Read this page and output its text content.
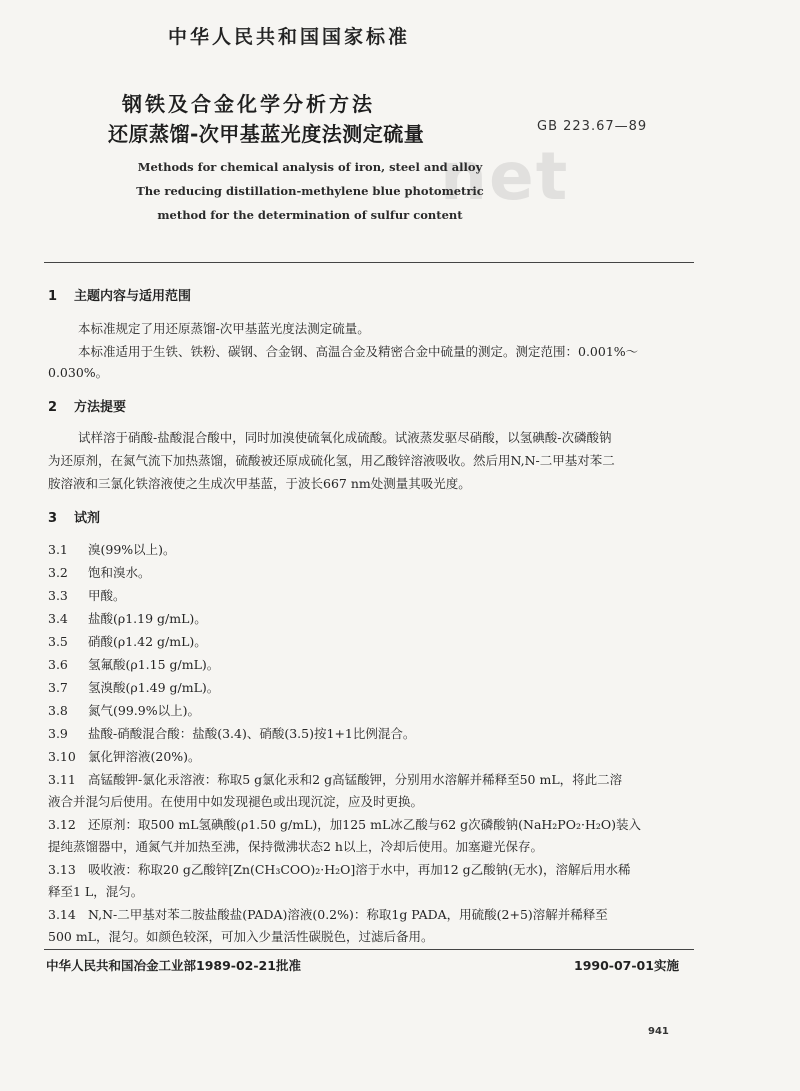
中华人民共和国国家标准
net
钢铁及合金化学分析方法
还原蒸馏-次甲基蓝光度法测定硫量	GB 223.67—89
Methods for chemical analysis of iron, steel and alloy
The reducing distillation-methylene blue photometric
method for the determination of sulfur content
1 主题内容与适用范围
本标准规定了用还原蒸馏-次甲基蓝光度法测定硫量。
本标准适用于生铁、铁粉、碳钢、合金钢、高温合金及精密合金中硫量的测定。测定范围：0.001%～
0.030%。
2 方法提要
试样溶于硝酸-盐酸混合酸中，同时加溴使硫氧化成硫酸。试液蒸发驱尽硝酸，以氢碘酸-次磷酸钠
为还原剂，在氮气流下加热蒸馏，硫酸被还原成硫化氢，用乙酸锌溶液吸收。然后用N,N-二甲基对苯二
胺溶液和三氯化铁溶液使之生成次甲基蓝，于波长667 nm处测量其吸光度。
3 试剂
3.1 溴(99%以上)。
3.2 饱和溴水。
3.3 甲酸。
3.4 盐酸(ρ1.19 g/mL)。
3.5 硝酸(ρ1.42 g/mL)。
3.6 氢氟酸(ρ1.15 g/mL)。
3.7 氢溴酸(ρ1.49 g/mL)。
3.8 氮气(99.9%以上)。
3.9 盐酸-硝酸混合酸：盐酸(3.4)、硝酸(3.5)按1+1比例混合。
3.10 氯化钾溶液(20%)。
3.11 高锰酸钾-氯化汞溶液：称取5 g氯化汞和2 g高锰酸钾，分别用水溶解并稀释至50 mL，将此二溶
液合并混匀后使用。在使用中如发现褪色或出现沉淀，应及时更换。
3.12 还原剂：取500 mL氢碘酸(ρ1.50 g/mL)，加125 mL冰乙酸与62 g次磷酸钠(NaH₂PO₂·H₂O)装入
提纯蒸馏器中，通氮气并加热至沸，保持微沸状态2 h以上，冷却后使用。加塞避光保存。
3.13 吸收液：称取20 g乙酸锌[Zn(CH₃COO)₂·H₂O]溶于水中，再加12 g乙酸钠(无水)，溶解后用水稀
释至1 L，混匀。
3.14 N,N-二甲基对苯二胺盐酸盐(PADA)溶液(0.2%)：称取1g PADA，用硫酸(2+5)溶解并稀释至
500 mL，混匀。如颜色较深，可加入少量活性碳脱色，过滤后备用。
中华人民共和国冶金工业部1989-02-21批准	1990-07-01实施
941
